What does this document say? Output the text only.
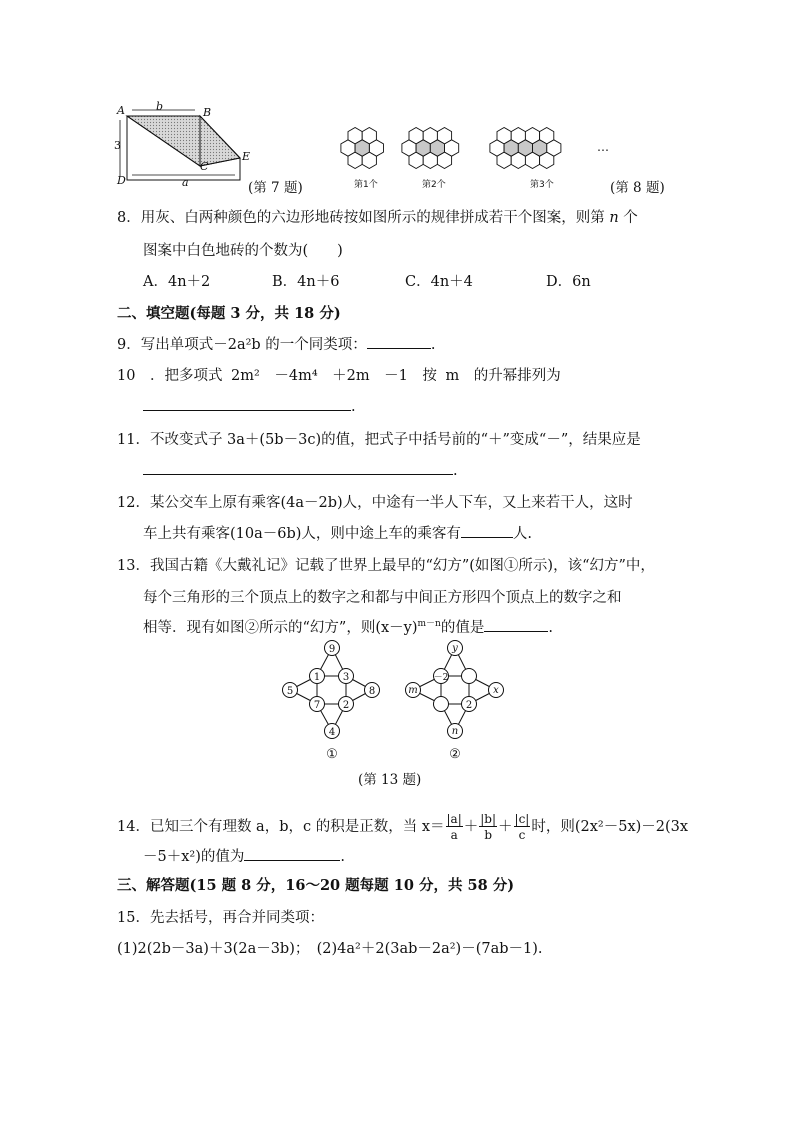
A	b	B
3
C
E
D	a	(第 7 题)	第1个	第2个	第3个
…
(第 8 题)
8．用灰、白两种颜色的六边形地砖按如图所示的规律拼成若干个图案，则第 n 个
图案中白色地砖的个数为(　　)
A．4n＋2	B．4n＋6	C．4n＋4	D．6n
二、填空题(每题 3 分，共 18 分)
9．写出单项式－2a²b 的一个同类项：	.
10　．把多项式 2m²　－4m⁴　＋2m　－1　按 m　的升幂排列为
.
11．不改变式子 3a＋(5b－3c)的值，把式子中括号前的“＋”变成“－”，结果应是
.
12．某公交车上原有乘客(4a－2b)人，中途有一半人下车，又上来若干人，这时
车上共有乘客(10a－6b)人，则中途上车的乘客有	人.
13．我国古籍《大戴礼记》记载了世界上最早的“幻方”(如图①所示)，该“幻方”中，
每个三角形的三个顶点上的数字之和都与中间正方形四个顶点上的数字之和
相等．现有如图②所示的“幻方”，则$(x-y)^{m-n}$的值是	.
9
1 3
5	8
7 2
4
y
－2
m	x
2
n
①	②
(第 13 题)
14．已知三个有理数 a，b，c 的积是正数，当 $x= \frac{|a|}{a} + \frac{|b|}{b} + \frac{|c|}{c}$ 时，则(2x²－5x)－2(3x
－5＋x²)的值为	.
三、解答题(15 题 8 分，16～20 题每题 10 分，共 58 分)
15．先去括号，再合并同类项：
(1)2(2b－3a)＋3(2a－3b)；　(2)4a²＋2(3ab－2a²)－(7ab－1).
